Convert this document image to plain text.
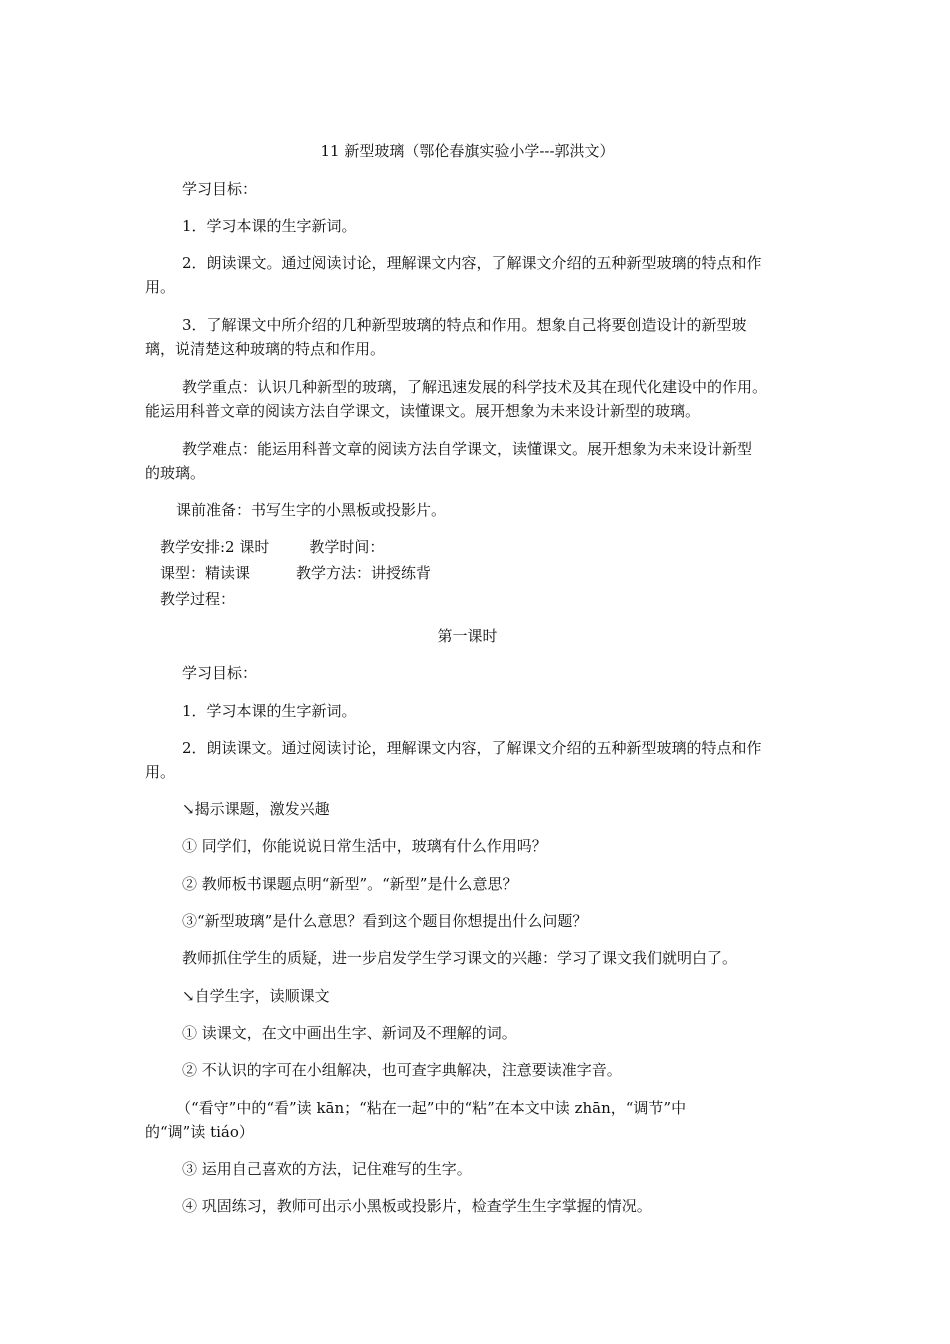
11 新型玻璃（鄂伦春旗实验小学---郭洪文）
学习目标：
1．学习本课的生字新词。
2．朗读课文。通过阅读讨论，理解课文内容，了解课文介绍的五种新型玻璃的特点和作
用。
3．了解课文中所介绍的几种新型玻璃的特点和作用。想象自己将要创造设计的新型玻
璃，说清楚这种玻璃的特点和作用。
教学重点：认识几种新型的玻璃，了解迅速发展的科学技术及其在现代化建设中的作用。
能运用科普文章的阅读方法自学课文，读懂课文。展开想象为未来设计新型的玻璃。
教学难点：能运用科普文章的阅读方法自学课文，读懂课文。展开想象为未来设计新型
的玻璃。
课前准备：书写生字的小黑板或投影片。
教学安排:2 课时	教学时间：
课型：精读课	教学方法：讲授练背
教学过程：
第一课时
学习目标：
1．学习本课的生字新词。
2．朗读课文。通过阅读讨论，理解课文内容，了解课文介绍的五种新型玻璃的特点和作
用。
↘揭示课题，激发兴趣
① 同学们，你能说说日常生活中，玻璃有什么作用吗？
② 教师板书课题点明“新型”。“新型”是什么意思？
③“新型玻璃”是什么意思？看到这个题目你想提出什么问题？
教师抓住学生的质疑，进一步启发学生学习课文的兴趣：学习了课文我们就明白了。
↘自学生字，读顺课文
① 读课文，在文中画出生字、新词及不理解的词。
② 不认识的字可在小组解决，也可查字典解决，注意要读准字音。
（“看守”中的“看”读 kān；“粘在一起”中的“粘”在本文中读 zhān，“调节”中
的“调”读 tiáo）
③ 运用自己喜欢的方法，记住难写的生字。
④ 巩固练习，教师可出示小黑板或投影片，检查学生生字掌握的情况。
